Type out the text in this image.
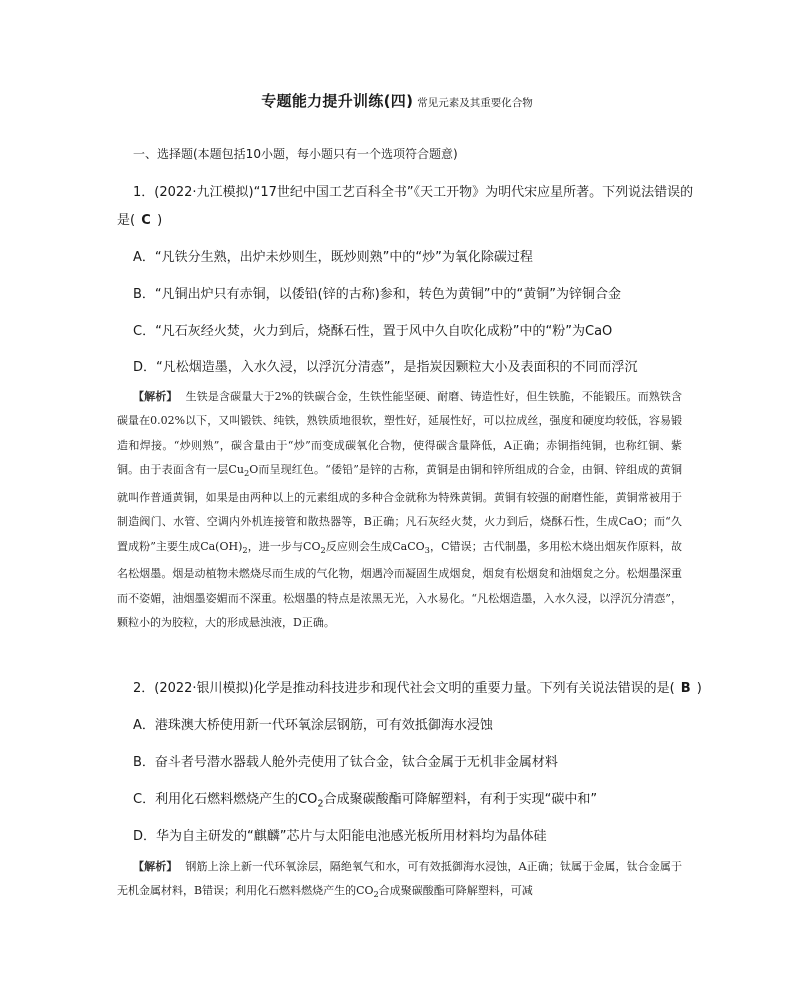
专题能力提升训练(四) 常见元素及其重要化合物
一、选择题(本题包括10小题，每小题只有一个选项符合题意)
1．(2022·九江模拟)“17世纪中国工艺百科全书”《天工开物》为明代宋应星所著。下列说法错误的
是( C )
A．“凡铁分生熟，出炉未炒则生，既炒则熟”中的“炒”为氧化除碳过程
B．“凡铜出炉只有赤铜，以倭铅(锌的古称)参和，转色为黄铜”中的“黄铜”为锌铜合金
C．“凡石灰经火焚，火力到后，烧酥石性，置于风中久自吹化成粉”中的“粉”为CaO
D．“凡松烟造墨，入水久浸，以浮沉分清悫”，是指炭因颗粒大小及表面积的不同而浮沉

【解析】 生铁是含碳量大于2%的铁碳合金，生铁性能坚硬、耐磨、铸造性好，但生铁脆，不能锻压。而熟铁含碳量在0.02%以下，又叫锻铁、纯铁，熟铁质地很软，塑性好，延展性好，可以拉成丝，强度和硬度均较低，容易锻造和焊接。“炒则熟”，碳含量由于“炒”而变成碳氧化合物，使得碳含量降低，A正确；赤铜指纯铜，也称红铜、紫铜。由于表面含有一层$Cu_2O$而呈现红色。“倭铅”是锌的古称，黄铜是由铜和锌所组成的合金，由铜、锌组成的黄铜就叫作普通黄铜，如果是由两种以上的元素组成的多种合金就称为特殊黄铜。黄铜有较强的耐磨性能，黄铜常被用于制造阀门、水管、空调内外机连接管和散热器等，B正确；凡石灰经火焚，火力到后，烧酥石性，生成CaO；而“久置成粉”主要生成$Ca(OH)_2$，进一步与$CO_2$反应则会生成CaCO$_3$，C错误；古代制墨，多用松木烧出烟灰作原料，故名松烟墨。烟是动植物未燃烧尽而生成的气化物，烟遇冷而凝固生成烟炱，烟炱有松烟炱和油烟炱之分。松烟墨深重而不姿媚，油烟墨姿媚而不深重。松烟墨的特点是浓黑无光，入水易化。“凡松烟造墨，入水久浸，以浮沉分清悫”，颗粒小的为胶粒，大的形成悬浊液，D正确。

2．(2022·银川模拟)化学是推动科技进步和现代社会文明的重要力量。下列有关说法错误的是( B )
A．港珠澳大桥使用新一代环氧涂层钢筋，可有效抵御海水浸蚀
B．奋斗者号潜水器载人舱外壳使用了钛合金，钛合金属于无机非金属材料
C．利用化石燃料燃烧产生的$CO_2$合成聚碳酸酯可降解塑料，有利于实现“碳中和”
D．华为自主研发的“麒麟”芯片与太阳能电池感光板所用材料均为晶体硅

【解析】 钢筋上涂上新一代环氧涂层，隔绝氧气和水，可有效抵御海水浸蚀，A正确；钛属于金属，钛合金属于无机金属材料，B错误；利用化石燃料燃烧产生的$CO_2$合成聚碳酸酯可降解塑料，可减
